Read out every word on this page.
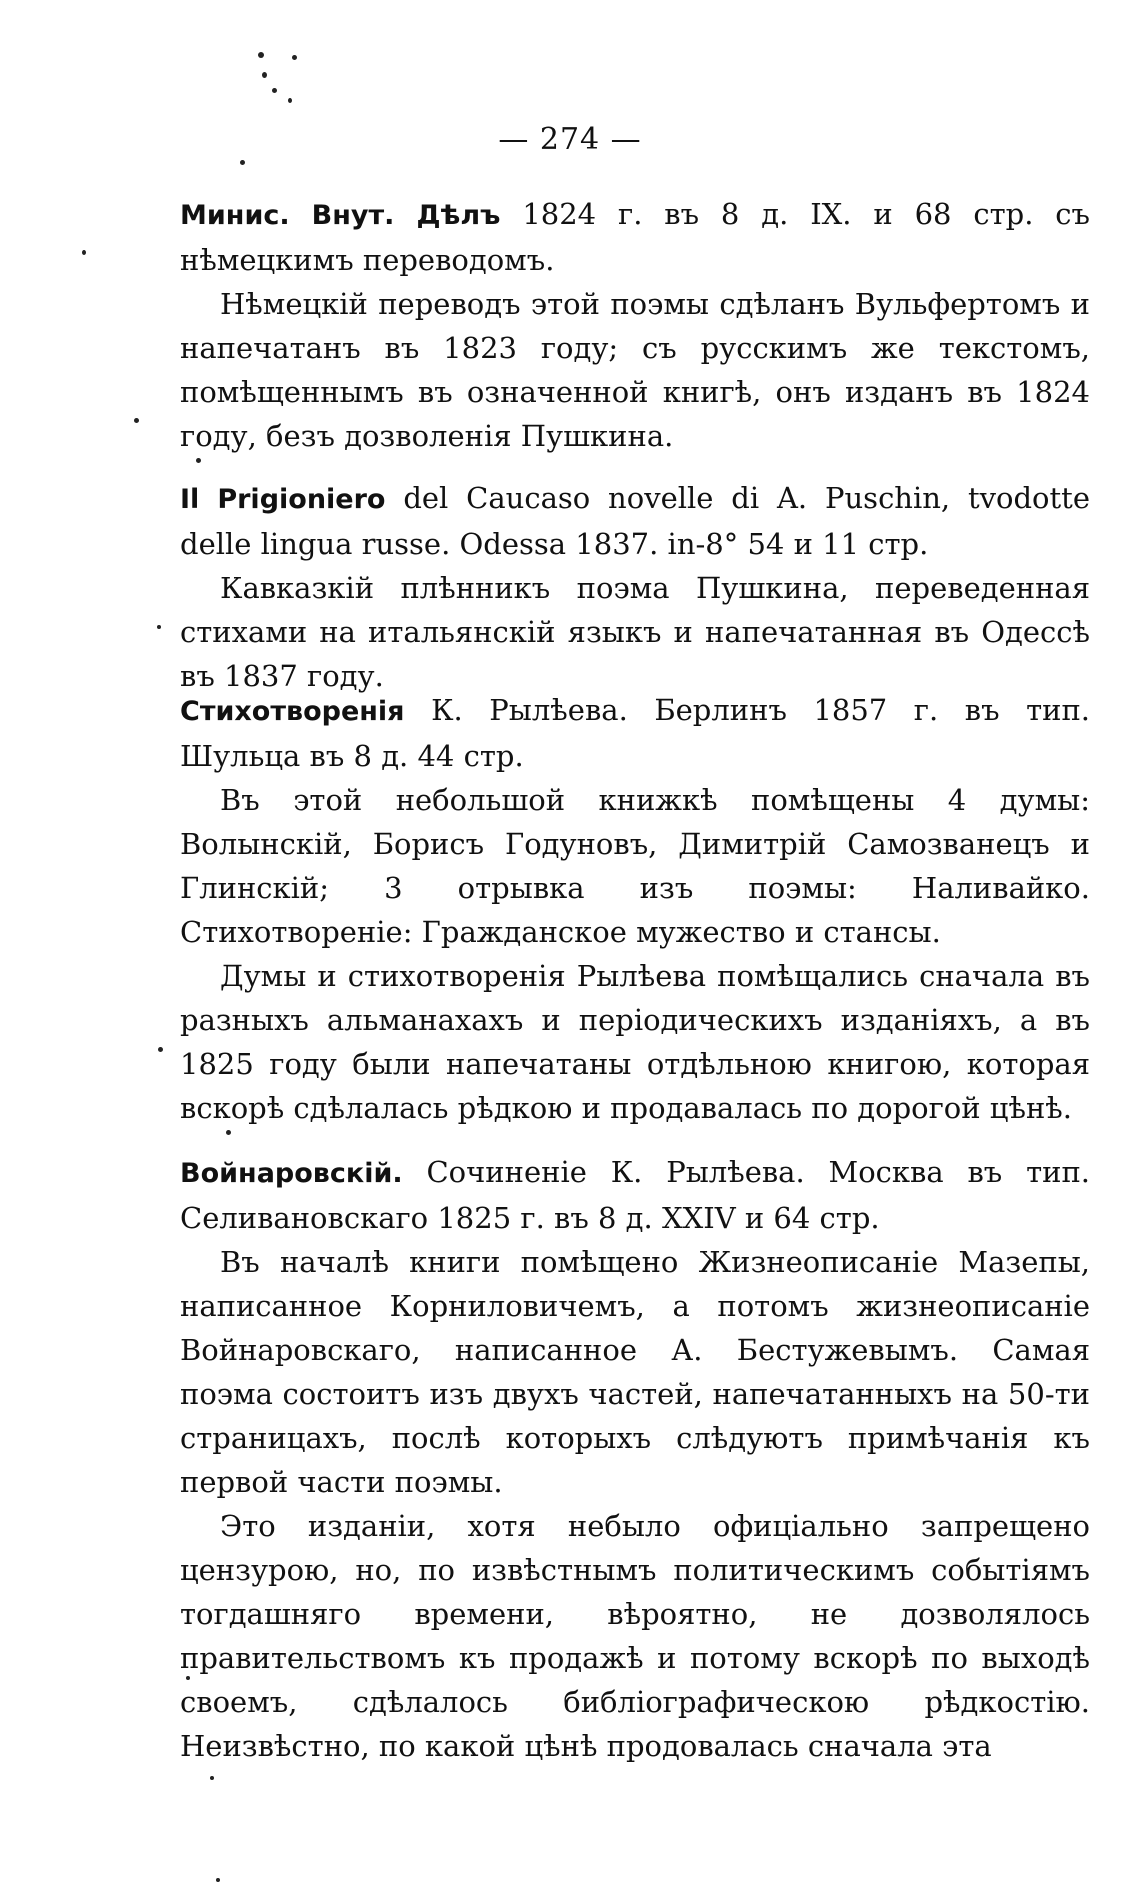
— 274 —

Минис. Внут. Дѣлъ 1824 г. въ 8 д. IX. и 68 стр. съ нѣмецкимъ переводомъ.

Нѣмецкій переводъ этой поэмы сдѣланъ Вульфертомъ и напечатанъ въ 1823 году; съ русскимъ же текстомъ, помѣщеннымъ въ означенной книгѣ, онъ изданъ въ 1824 году, безъ дозволенія Пушкина.

Il Prigioniero del Caucaso novelle di A. Puschin, tvodotte delle lingua russe. Odessa 1837. in-8° 54 и 11 стр.

Кавказкій плѣнникъ поэма Пушкина, переведенная стихами на итальянскій языкъ и напечатанная въ Одессѣ въ 1837 году.

Стихотворенія К. Рылѣева. Берлинъ 1857 г. въ тип. Шульца въ 8 д. 44 стр.

Въ этой небольшой книжкѣ помѣщены 4 думы: Волынскій, Борисъ Годуновъ, Димитрій Самозванецъ и Глинскій; 3 отрывка изъ поэмы: Наливайко. Стихотвореніе: Гражданское мужество и стансы.

Думы и стихотворенія Рылѣева помѣщались сначала въ разныхъ альманахахъ и періодическихъ изданіяхъ, а въ 1825 году были напечатаны отдѣльною книгою, которая вскорѣ сдѣлалась рѣдкою и продавалась по дорогой цѣнѣ.

Войнаровскій. Сочиненіе К. Рылѣева. Москва въ тип. Селивановскаго 1825 г. въ 8 д. XXIV и 64 стр.

Въ началѣ книги помѣщено Жизнеописаніе Мазепы, написанное Корниловичемъ, а потомъ жизнеописаніе Войнаровскаго, написанное А. Бестужевымъ. Самая поэма состоитъ изъ двухъ частей, напечатанныхъ на 50-ти страницахъ, послѣ которыхъ слѣдуютъ примѣчанія къ первой части поэмы.

Это изданіи, хотя небыло офиціально запрещено цензурою, но, по извѣстнымъ политическимъ событіямъ тогдашняго времени, вѣроятно, не дозволялось правительствомъ къ продажѣ и потому вскорѣ по выходѣ своемъ, сдѣлалось библіографическою рѣдкостію. Неизвѣстно, по какой цѣнѣ продовалась сначала эта
